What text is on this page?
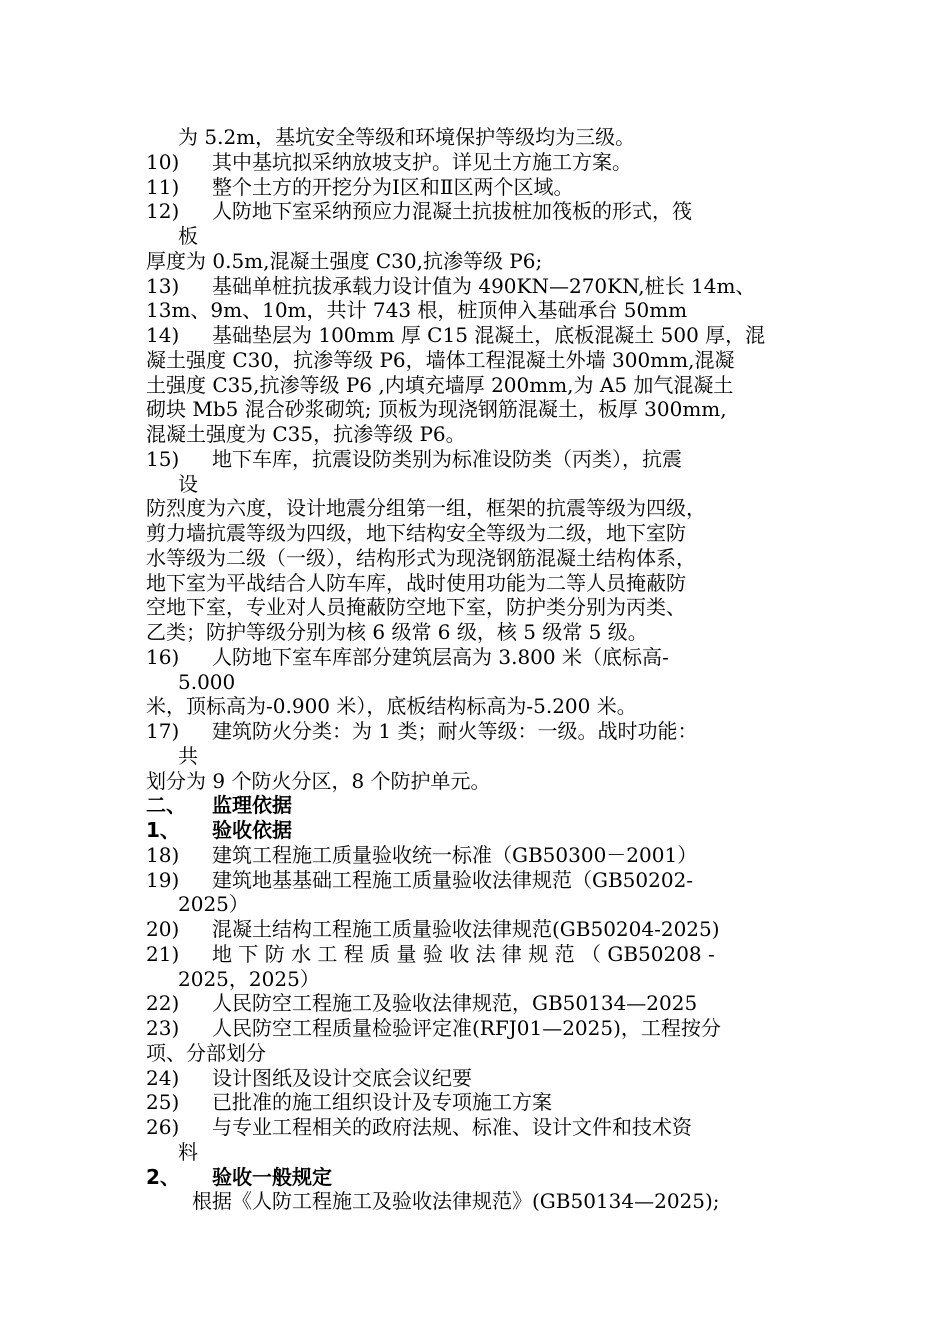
为 5.2m，基坑安全等级和环境保护等级均为三级。
10) 其中基坑拟采纳放坡支护。详见土方施工方案。
11) 整个土方的开挖分为Ⅰ区和Ⅱ区两个区域。
12) 人防地下室采纳预应力混凝土抗拔桩加筏板的形式，筏
板
厚度为 0.5m,混凝土强度 C30,抗渗等级 P6;
13) 基础单桩抗拔承载力设计值为 490KN—270KN,桩长 14m、
13m、9m、10m，共计 743 根，桩顶伸入基础承台 50mm
14) 基础垫层为 100mm 厚 C15 混凝土，底板混凝土 500 厚，混
凝土强度 C30，抗渗等级 P6，墙体工程混凝土外墙 300mm,混凝
土强度 C35,抗渗等级 P6 ,内填充墙厚 200mm,为 A5 加气混凝土
砌块 Mb5 混合砂浆砌筑; 顶板为现浇钢筋混凝土，板厚 300mm,
混凝土强度为 C35，抗渗等级 P6。
15) 地下车库，抗震设防类别为标准设防类（丙类），抗震
设
防烈度为六度，设计地震分组第一组，框架的抗震等级为四级，
剪力墙抗震等级为四级，地下结构安全等级为二级，地下室防
水等级为二级（一级），结构形式为现浇钢筋混凝土结构体系，
地下室为平战结合人防车库，战时使用功能为二等人员掩蔽防
空地下室，专业对人员掩蔽防空地下室，防护类分别为丙类、
乙类；防护等级分别为核 6 级常 6 级，核 5 级常 5 级。
16) 人防地下室车库部分建筑层高为 3.800 米（底标高-
5.000
米，顶标高为-0.900 米），底板结构标高为-5.200 米。
17) 建筑防火分类：为 1 类；耐火等级：一级。战时功能：
共
划分为 9 个防火分区，8 个防护单元。
二、 监理依据
1、 验收依据
18) 建筑工程施工质量验收统一标准（GB50300－2001）
19) 建筑地基基础工程施工质量验收法律规范（GB50202-
2025）
20) 混凝土结构工程施工质量验收法律规范(GB50204-2025)
21) 地 下 防 水 工 程 质 量 验 收 法 律 规 范 （ GB50208 -
2025，2025）
22) 人民防空工程施工及验收法律规范，GB50134—2025
23) 人民防空工程质量检验评定准(RFJ01—2025)，工程按分
项、分部划分
24) 设计图纸及设计交底会议纪要
25) 已批准的施工组织设计及专项施工方案
26) 与专业工程相关的政府法规、标准、设计文件和技术资
料
2、 验收一般规定
根据《人防工程施工及验收法律规范》(GB50134—2025);
